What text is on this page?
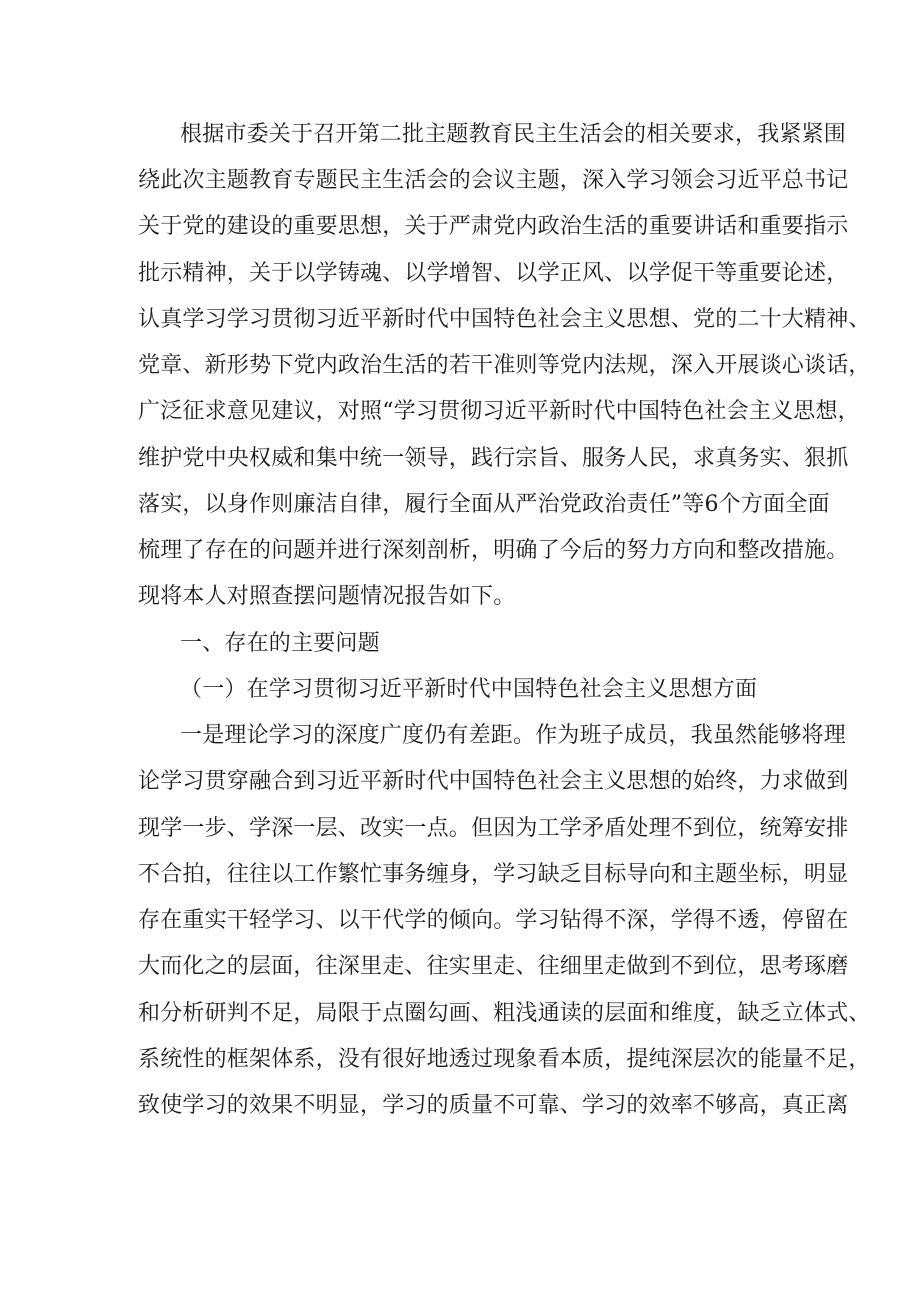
根据市委关于召开第二批主题教育民主生活会的相关要求，我紧紧围
绕此次主题教育专题民主生活会的会议主题，深入学习领会习近平总书记
关于党的建设的重要思想，关于严肃党内政治生活的重要讲话和重要指示
批示精神，关于以学铸魂、以学增智、以学正风、以学促干等重要论述，
认真学习学习贯彻习近平新时代中国特色社会主义思想、党的二十大精神、
党章、新形势下党内政治生活的若干准则等党内法规，深入开展谈心谈话，
广泛征求意见建议，对照“学习贯彻习近平新时代中国特色社会主义思想，
维护党中央权威和集中统一领导，践行宗旨、服务人民，求真务实、狠抓
落实，以身作则廉洁自律，履行全面从严治党政治责任”等6个方面全面
梳理了存在的问题并进行深刻剖析，明确了今后的努力方向和整改措施。
现将本人对照查摆问题情况报告如下。
一、存在的主要问题
（一）在学习贯彻习近平新时代中国特色社会主义思想方面
一是理论学习的深度广度仍有差距。作为班子成员，我虽然能够将理
论学习贯穿融合到习近平新时代中国特色社会主义思想的始终，力求做到
现学一步、学深一层、改实一点。但因为工学矛盾处理不到位，统筹安排
不合拍，往往以工作繁忙事务缠身，学习缺乏目标导向和主题坐标，明显
存在重实干轻学习、以干代学的倾向。学习钻得不深，学得不透，停留在
大而化之的层面，往深里走、往实里走、往细里走做到不到位，思考琢磨
和分析研判不足，局限于点圈勾画、粗浅通读的层面和维度，缺乏立体式、
系统性的框架体系，没有很好地透过现象看本质，提纯深层次的能量不足，
致使学习的效果不明显，学习的质量不可靠、学习的效率不够高，真正离
